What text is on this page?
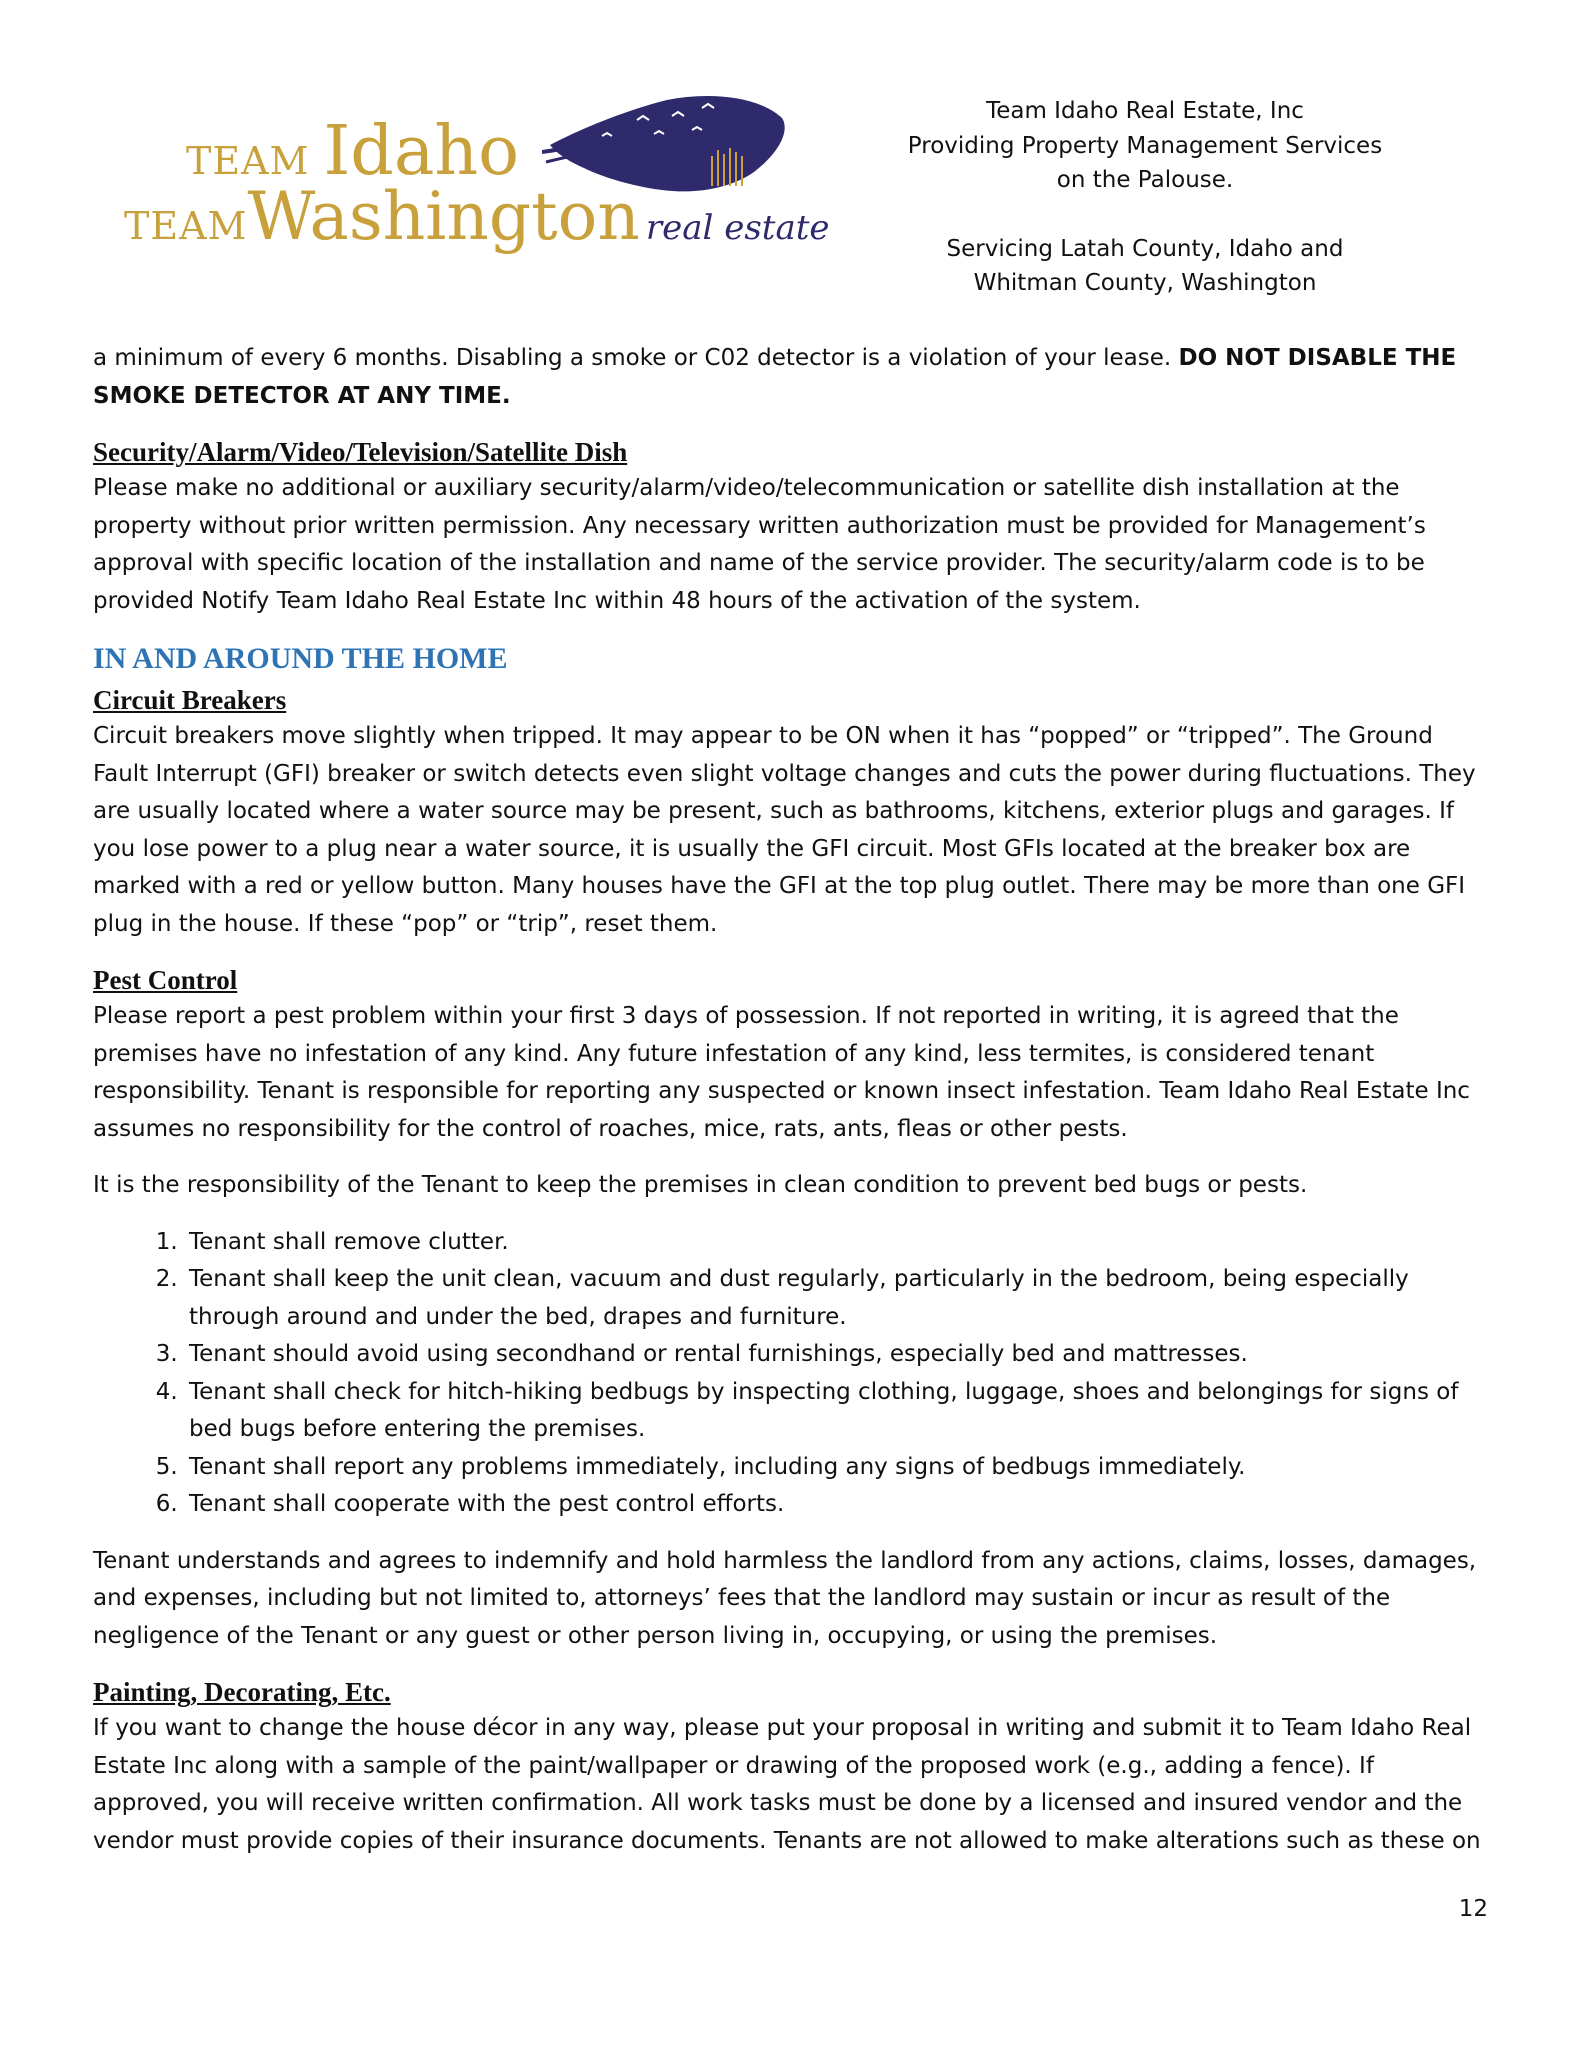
TEAM Idaho
TEAMWashington real estate
Team Idaho Real Estate, Inc
Providing Property Management Services
on the Palouse.
Servicing Latah County, Idaho and
Whitman County, Washington

a minimum of every 6 months. Disabling a smoke or C02 detector is a violation of your lease. DO NOT DISABLE THE SMOKE DETECTOR AT ANY TIME.

Security/Alarm/Video/Television/Satellite Dish

Please make no additional or auxiliary security/alarm/video/telecommunication or satellite dish installation at the property without prior written permission. Any necessary written authorization must be provided for Management’s approval with specific location of the installation and name of the service provider. The security/alarm code is to be provided Notify Team Idaho Real Estate Inc within 48 hours of the activation of the system.

IN AND AROUND THE HOME
Circuit Breakers

Circuit breakers move slightly when tripped. It may appear to be ON when it has “popped” or “tripped”. The Ground Fault Interrupt (GFI) breaker or switch detects even slight voltage changes and cuts the power during fluctuations. They are usually located where a water source may be present, such as bathrooms, kitchens, exterior plugs and garages. If you lose power to a plug near a water source, it is usually the GFI circuit. Most GFIs located at the breaker box are marked with a red or yellow button. Many houses have the GFI at the top plug outlet. There may be more than one GFI plug in the house. If these “pop” or “trip”, reset them.

Pest Control

Please report a pest problem within your first 3 days of possession. If not reported in writing, it is agreed that the premises have no infestation of any kind. Any future infestation of any kind, less termites, is considered tenant responsibility. Tenant is responsible for reporting any suspected or known insect infestation. Team Idaho Real Estate Inc assumes no responsibility for the control of roaches, mice, rats, ants, fleas or other pests.

It is the responsibility of the Tenant to keep the premises in clean condition to prevent bed bugs or pests.

1. Tenant shall remove clutter.
2. Tenant shall keep the unit clean, vacuum and dust regularly, particularly in the bedroom, being especially through around and under the bed, drapes and furniture.
3. Tenant should avoid using secondhand or rental furnishings, especially bed and mattresses.
4. Tenant shall check for hitch-hiking bedbugs by inspecting clothing, luggage, shoes and belongings for signs of bed bugs before entering the premises.
5. Tenant shall report any problems immediately, including any signs of bedbugs immediately.
6. Tenant shall cooperate with the pest control efforts.

Tenant understands and agrees to indemnify and hold harmless the landlord from any actions, claims, losses, damages, and expenses, including but not limited to, attorneys’ fees that the landlord may sustain or incur as result of the negligence of the Tenant or any guest or other person living in, occupying, or using the premises.

Painting, Decorating, Etc.

If you want to change the house décor in any way, please put your proposal in writing and submit it to Team Idaho Real Estate Inc along with a sample of the paint/wallpaper or drawing of the proposed work (e.g., adding a fence). If approved, you will receive written confirmation. All work tasks must be done by a licensed and insured vendor and the vendor must provide copies of their insurance documents. Tenants are not allowed to make alterations such as these on

12
